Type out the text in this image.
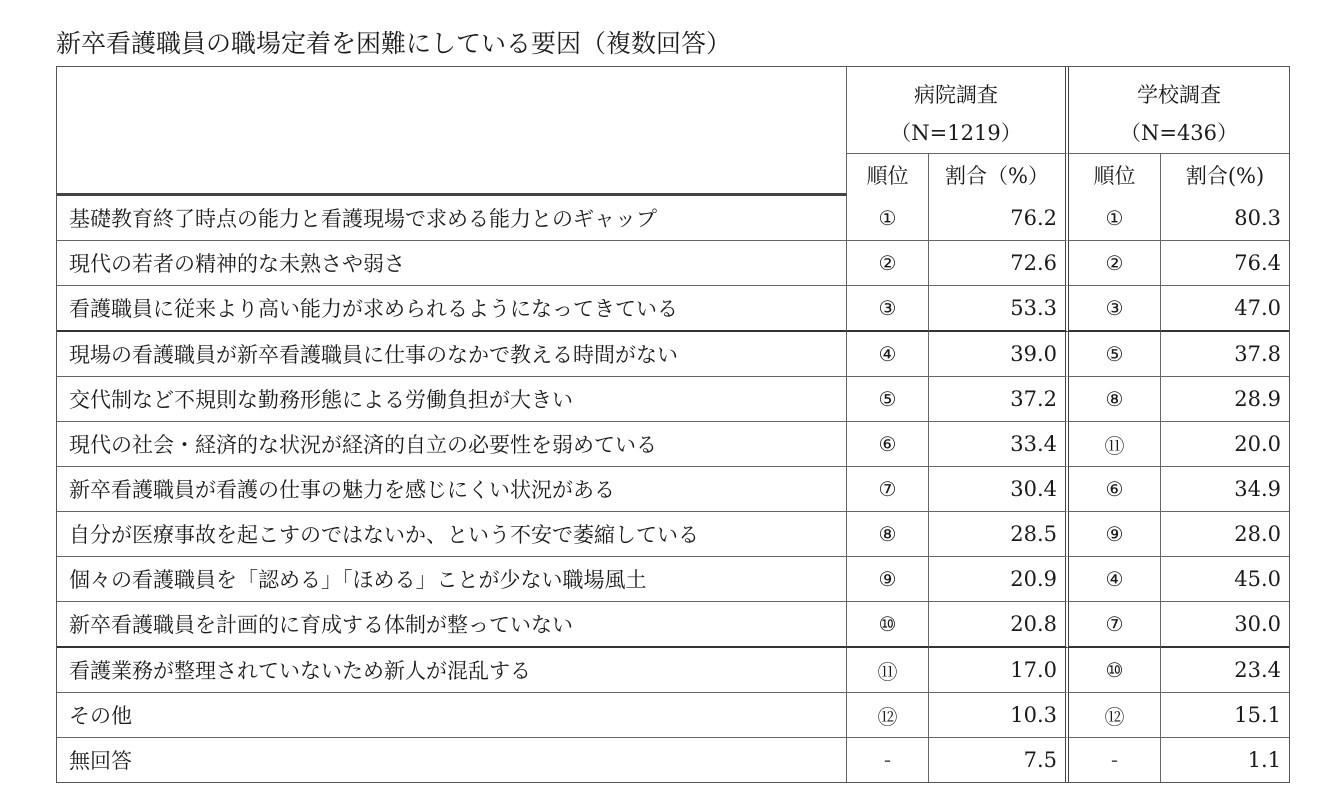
新卒看護職員の職場定着を困難にしている要因（複数回答）
	病院調査		学校調査	
	（N=1219）		（N=436）	
	順位	割合（%）	順位	割合(%)
基礎教育終了時点の能力と看護現場で求める能力とのギャップ	①	76.2	①	80.3
現代の若者の精神的な未熟さや弱さ	②	72.6	②	76.4
看護職員に従来より高い能力が求められるようになってきている	③	53.3	③	47.0
現場の看護職員が新卒看護職員に仕事のなかで教える時間がない	④	39.0	⑤	37.8
交代制など不規則な勤務形態による労働負担が大きい	⑤	37.2	⑧	28.9
現代の社会・経済的な状況が経済的自立の必要性を弱めている	⑥	33.4	⑪	20.0
新卒看護職員が看護の仕事の魅力を感じにくい状況がある	⑦	30.4	⑥	34.9
自分が医療事故を起こすのではないか、という不安で萎縮している	⑧	28.5	⑨	28.0
個々の看護職員を「認める」「ほめる」ことが少ない職場風土	⑨	20.9	④	45.0
新卒看護職員を計画的に育成する体制が整っていない	⑩	20.8	⑦	30.0
看護業務が整理されていないため新人が混乱する	⑪	17.0	⑩	23.4
その他	⑫	10.3	⑫	15.1
無回答	-	7.5	-	1.1
